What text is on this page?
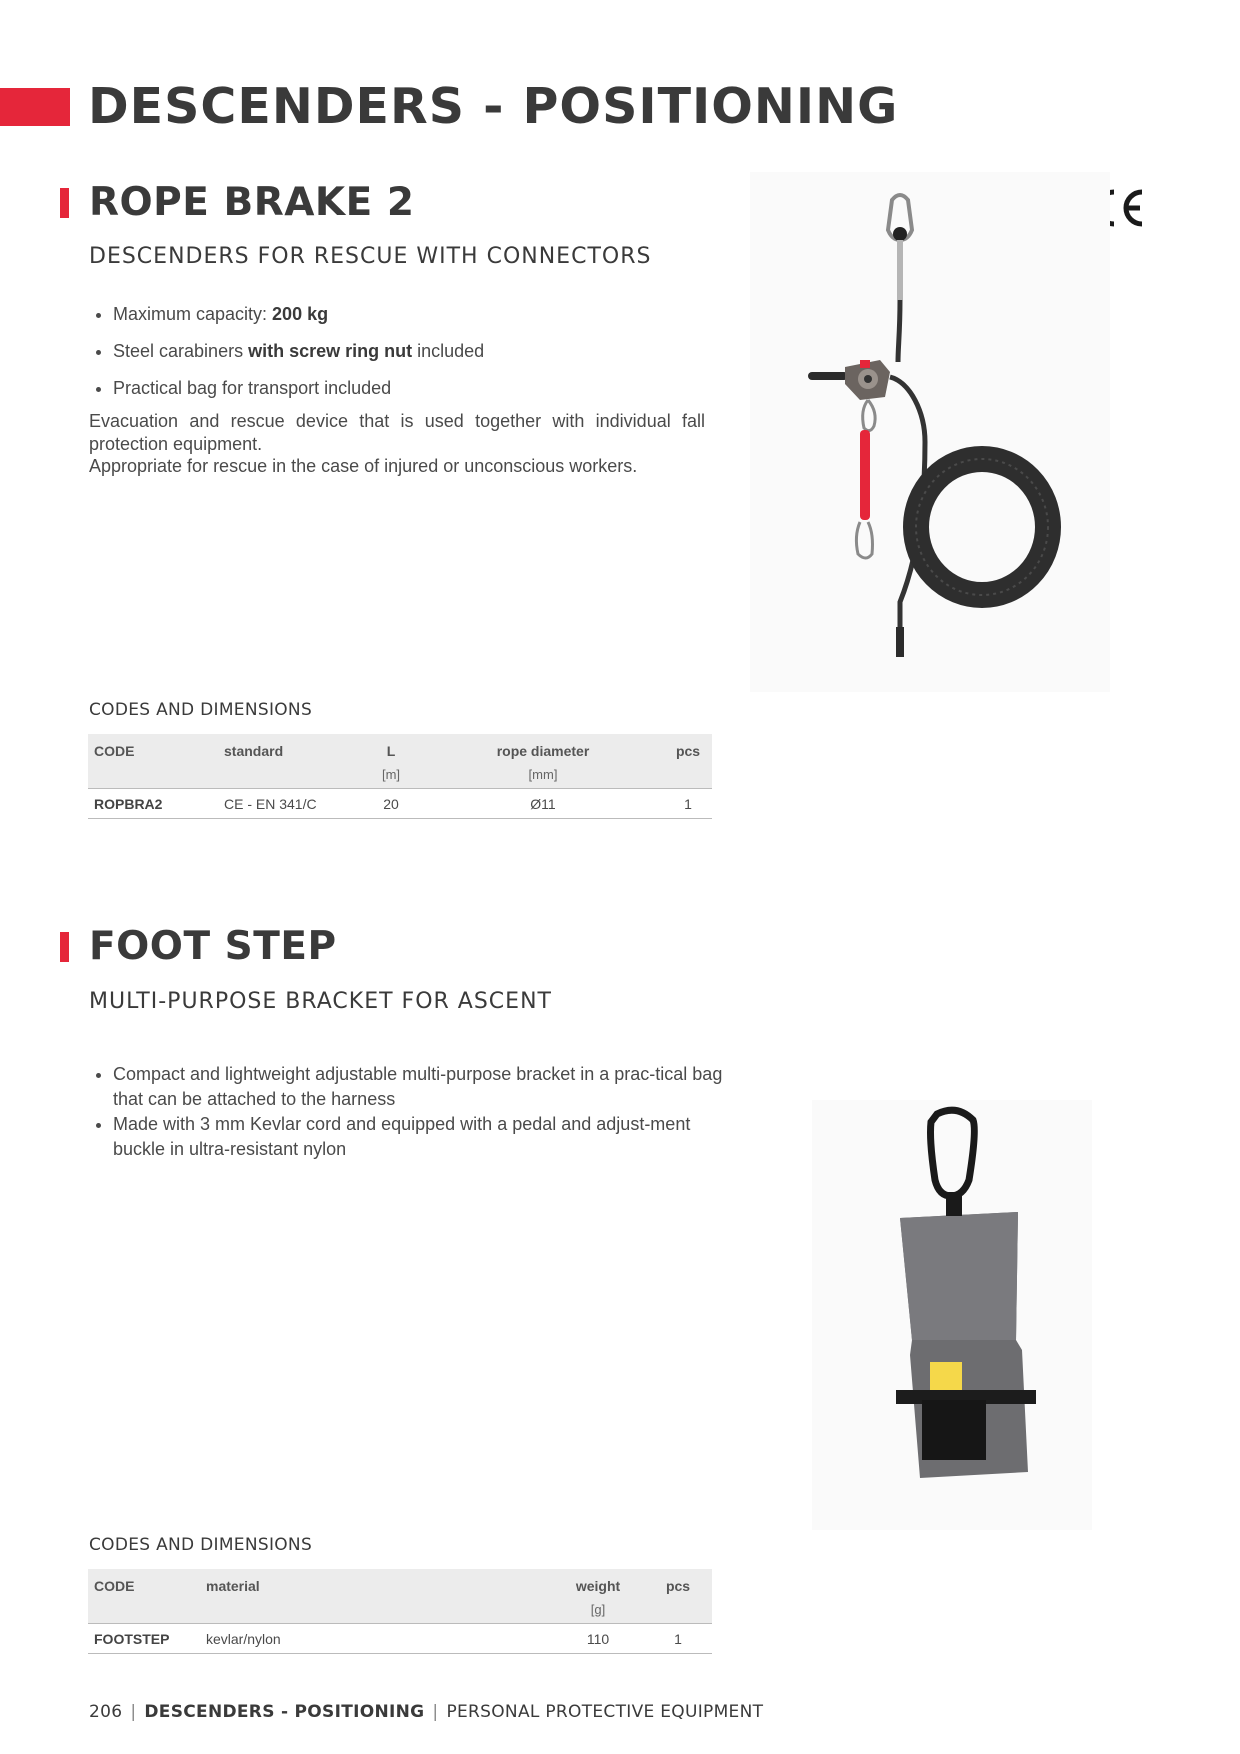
DESCENDERS - POSITIONING
ROPE BRAKE 2
DESCENDERS FOR RESCUE WITH CONNECTORS
• Maximum capacity: 200 kg
• Steel carabiners with screw ring nut included
• Practical bag for transport included
Evacuation and rescue device that is used together with individual fall protection equipment.
Appropriate for rescue in the case of injured or unconscious workers.
CODES AND DIMENSIONS
CODE	standard	L	rope diameter	pcs
		[m]	[mm]	
ROPBRA2	CE - EN 341/C	20	Ø11	1
FOOT STEP
MULTI-PURPOSE BRACKET FOR ASCENT
• Compact and lightweight adjustable multi-purpose bracket in a prac-tical bag that can be attached to the harness
• Made with 3 mm Kevlar cord and equipped with a pedal and adjust-ment buckle in ultra-resistant nylon
CODES AND DIMENSIONS
CODE	material	weight	pcs
		[g]	
FOOTSTEP	kevlar/nylon	110	1
206 | DESCENDERS - POSITIONING | PERSONAL PROTECTIVE EQUIPMENT
